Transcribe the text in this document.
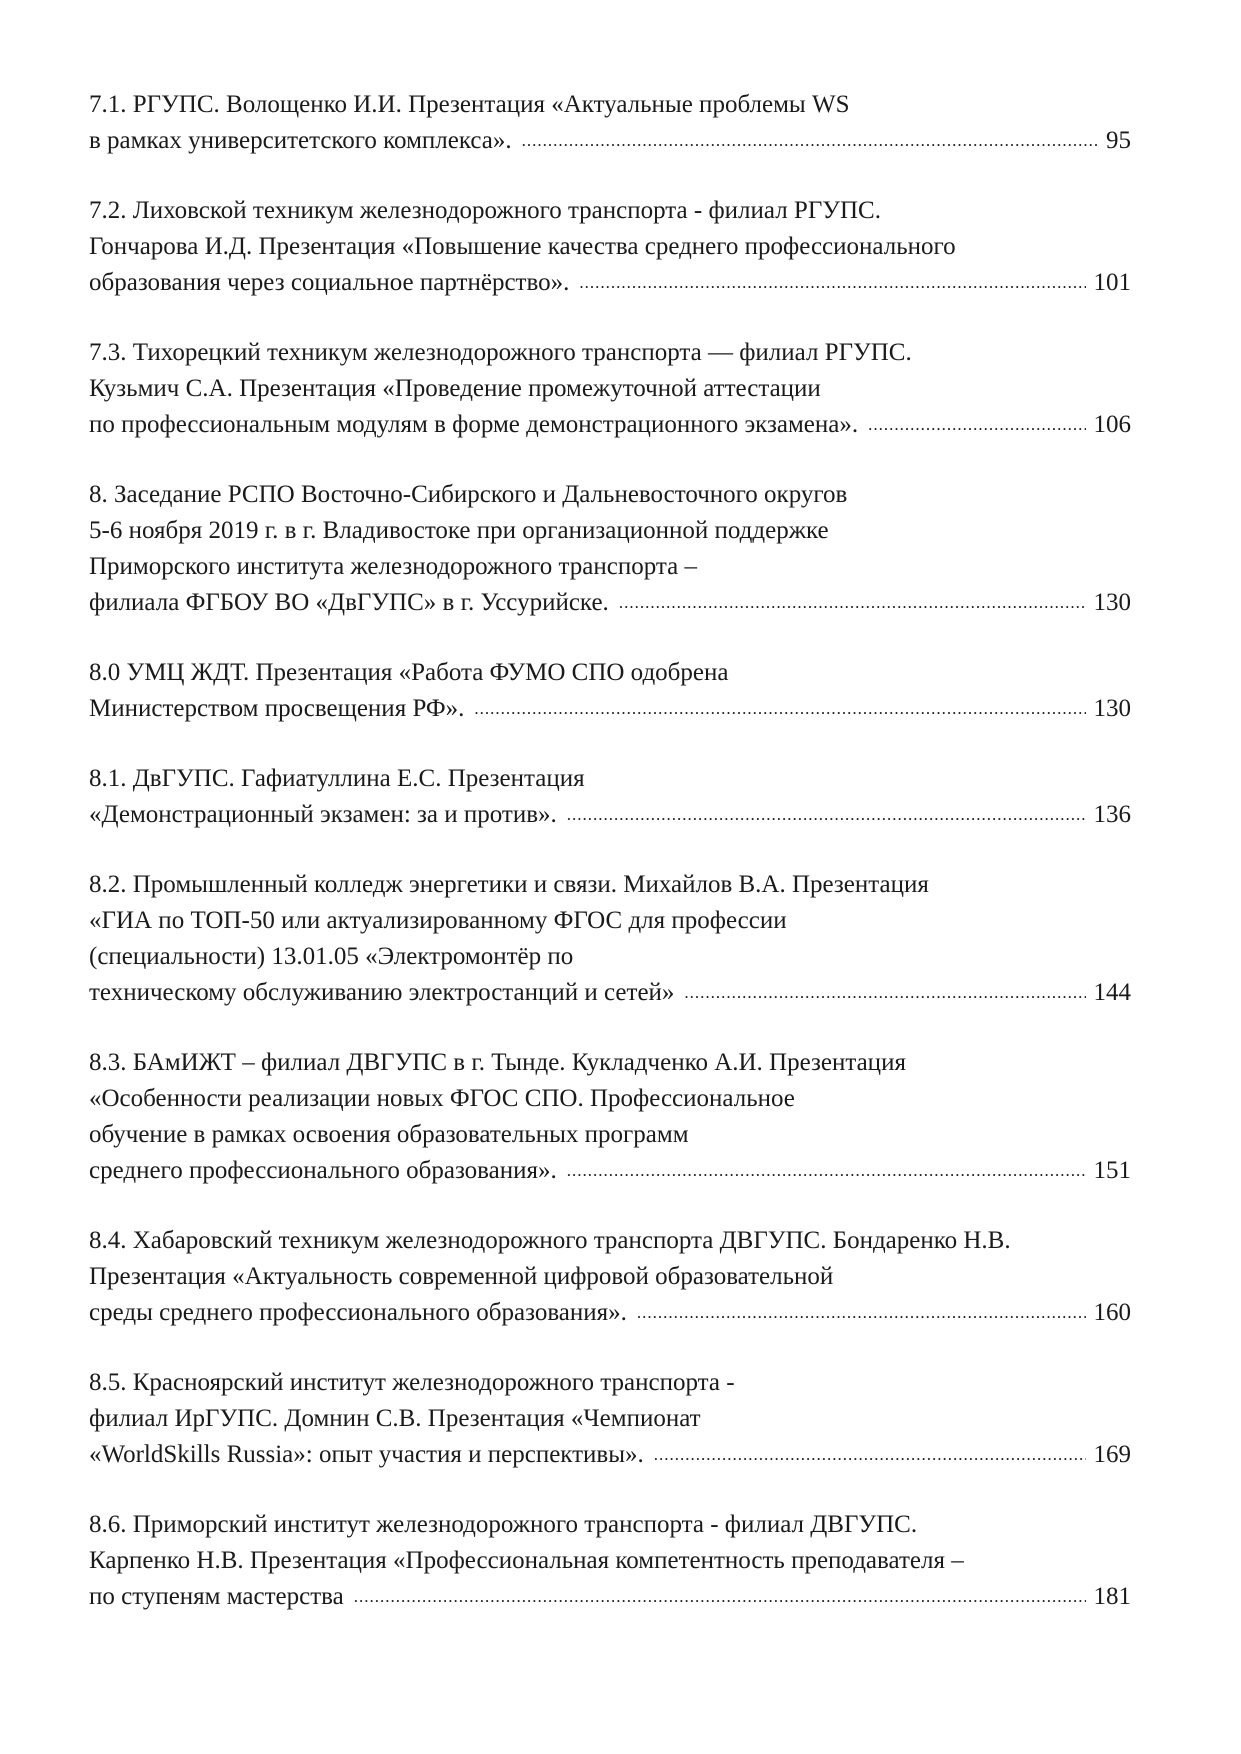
7.1. РГУПС. Волощенко И.И. Презентация «Актуальные проблемы WS
в рамках университетского комплекса». .....	95
7.2. Лиховской техникум железнодорожного транспорта - филиал РГУПС.
Гончарова И.Д. Презентация «Повышение качества среднего профессионального
образования через социальное партнёрство». .....	101
7.3. Тихорецкий техникум железнодорожного транспорта — филиал РГУПС.
Кузьмич С.А. Презентация «Проведение промежуточной аттестации
по профессиональным модулям в форме демонстрационного экзамена». .....	106
8. Заседание РСПО Восточно-Сибирского и Дальневосточного округов
5-6 ноября 2019 г. в г. Владивостоке при организационной поддержке
Приморского института железнодорожного транспорта –
филиала ФГБОУ ВО «ДвГУПС» в г. Уссурийске. .....	130
8.0 УМЦ ЖДТ. Презентация «Работа ФУМО СПО одобрена
Министерством просвещения РФ». .....	130
8.1. ДвГУПС. Гафиатуллина Е.С. Презентация
«Демонстрационный экзамен: за и против». .....	136
8.2. Промышленный колледж энергетики и связи. Михайлов В.А. Презентация
«ГИА по ТОП-50 или актуализированному ФГОС для профессии
(специальности) 13.01.05 «Электромонтёр по
техническому обслуживанию электростанций и сетей» .....	144
8.3. БАмИЖТ – филиал ДВГУПС в г. Тынде. Кукладченко А.И. Презентация
«Особенности реализации новых ФГОС СПО. Профессиональное
обучение в рамках освоения образовательных программ
среднего профессионального образования». .....	151
8.4. Хабаровский техникум железнодорожного транспорта ДВГУПС. Бондаренко Н.В.
Презентация «Актуальность современной цифровой образовательной
среды среднего профессионального образования». .....	160
8.5. Красноярский институт железнодорожного транспорта -
филиал ИрГУПС. Домнин С.В. Презентация «Чемпионат
«WorldSkills Russia»: опыт участия и перспективы». .....	169
8.6. Приморский институт железнодорожного транспорта - филиал ДВГУПС.
Карпенко Н.В. Презентация «Профессиональная компетентность преподавателя –
по ступеням мастерства .....	181
